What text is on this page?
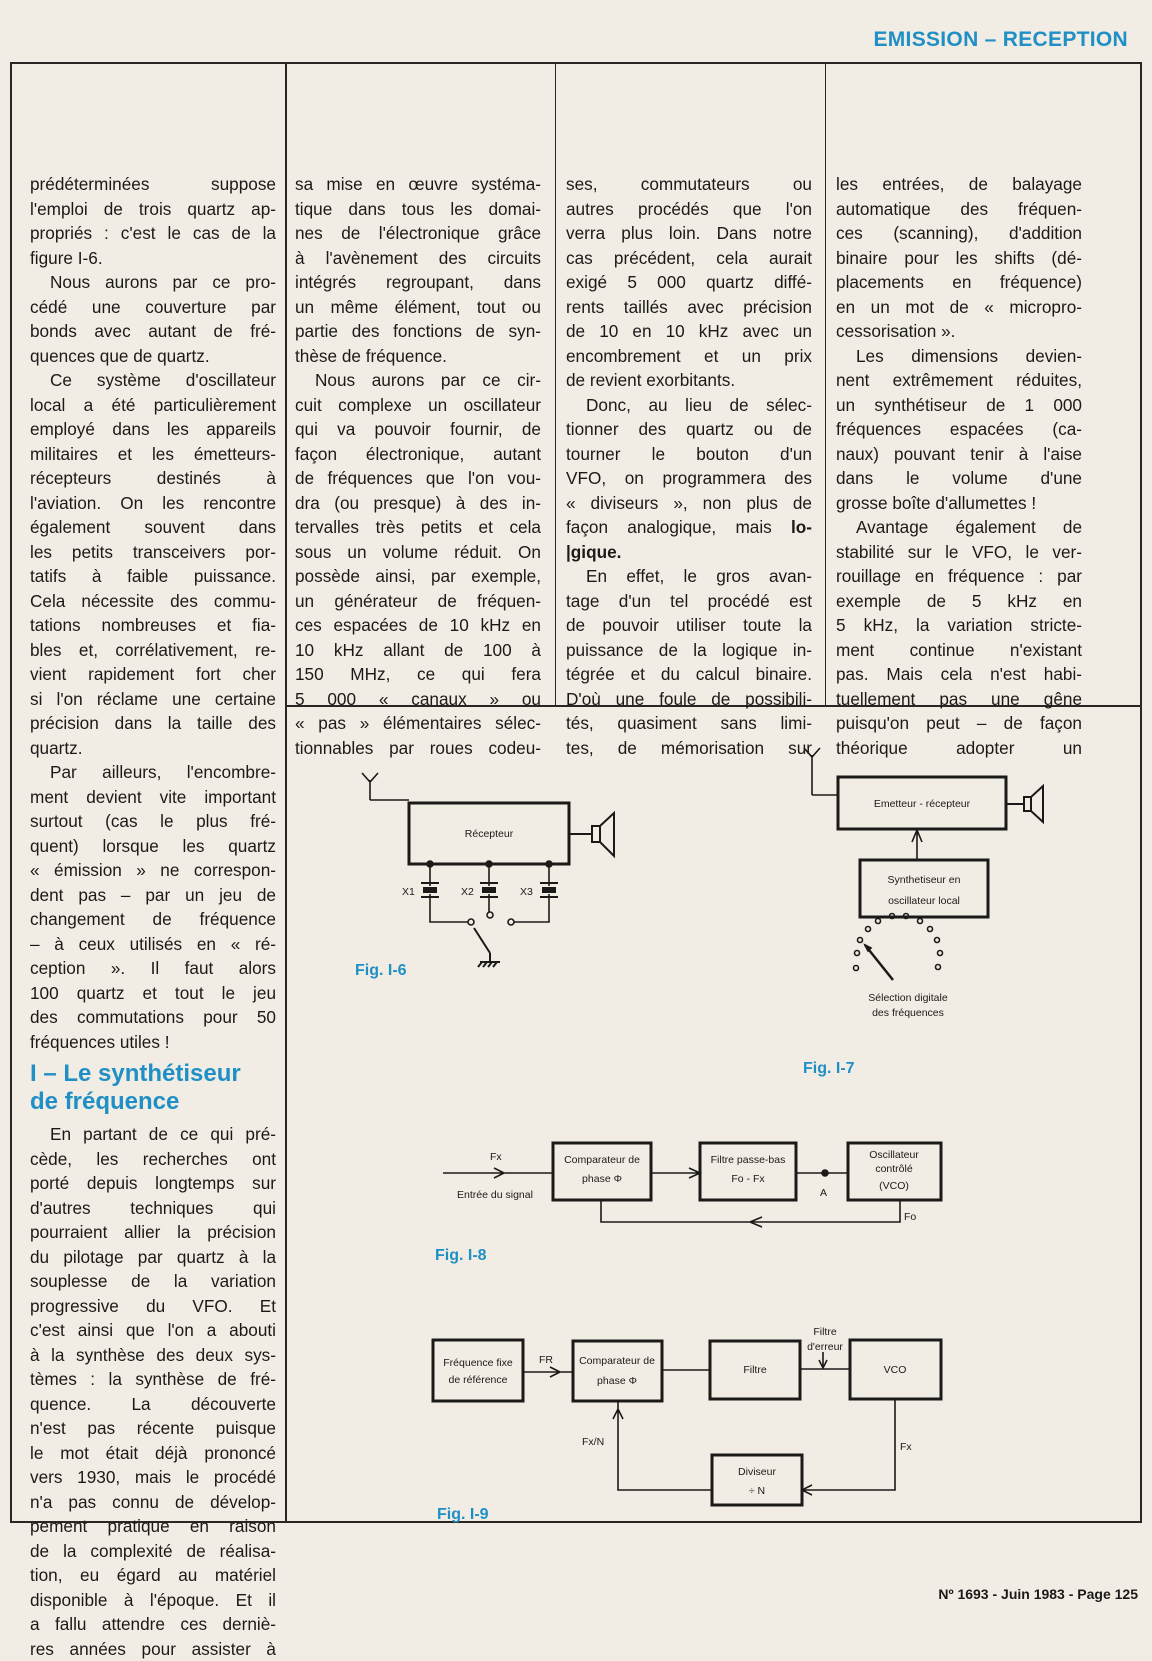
EMISSION – RECEPTION
prédéterminées suppose
l'emploi de trois quartz ap-
propriés : c'est le cas de la
figure I-6.
Nous aurons par ce pro-
cédé une couverture par
bonds avec autant de fré-
quences que de quartz.
Ce système d'oscillateur
local a été particulièrement
employé dans les appareils
militaires et les émetteurs-
récepteurs destinés à
l'aviation. On les rencontre
également souvent dans
les petits transceivers por-
tatifs à faible puissance.
Cela nécessite des commu-
tations nombreuses et fia-
bles et, corrélativement, re-
vient rapidement fort cher
si l'on réclame une certaine
précision dans la taille des
quartz.
Par ailleurs, l'encombre-
ment devient vite important
surtout (cas le plus fré-
quent) lorsque les quartz
« émission » ne correspon-
dent pas – par un jeu de
changement de fréquence
– à ceux utilisés en « ré-
ception ». Il faut alors
100 quartz et tout le jeu
des commutations pour 50
fréquences utiles !
I – Le synthétiseur
de fréquence
En partant de ce qui pré-
cède, les recherches ont
porté depuis longtemps sur
d'autres techniques qui
pourraient allier la précision
du pilotage par quartz à la
souplesse de la variation
progressive du VFO. Et
c'est ainsi que l'on a abouti
à la synthèse des deux sys-
tèmes : la synthèse de fré-
quence. La découverte
n'est pas récente puisque
le mot était déjà prononcé
vers 1930, mais le procédé
n'a pas connu de dévelop-
pement pratique en raison
de la complexité de réalisa-
tion, eu égard au matériel
disponible à l'époque. Et il
a fallu attendre ces derniè-
res années pour assister à
sa mise en œuvre systéma-
tique dans tous les domai-
nes de l'électronique grâce
à l'avènement des circuits
intégrés regroupant, dans
un même élément, tout ou
partie des fonctions de syn-
thèse de fréquence.
Nous aurons par ce cir-
cuit complexe un oscillateur
qui va pouvoir fournir, de
façon électronique, autant
de fréquences que l'on vou-
dra (ou presque) à des in-
tervalles très petits et cela
sous un volume réduit. On
possède ainsi, par exemple,
un générateur de fréquen-
ces espacées de 10 kHz en
10 kHz allant de 100 à
150 MHz, ce qui fera
5 000 « canaux » ou
« pas » élémentaires sélec-
tionnables par roues codeu-
ses, commutateurs ou
autres procédés que l'on
verra plus loin. Dans notre
cas précédent, cela aurait
exigé 5 000 quartz diffé-
rents taillés avec précision
de 10 en 10 kHz avec un
encombrement et un prix
de revient exorbitants.
Donc, au lieu de sélec-
tionner des quartz ou de
tourner le bouton d'un
VFO, on programmera des
« diviseurs », non plus de
façon analogique, mais lo-
|gique.
En effet, le gros avan-
tage d'un tel procédé est
de pouvoir utiliser toute la
puissance de la logique in-
tégrée et du calcul binaire.
D'où une foule de possibili-
tés, quasiment sans limi-
tes, de mémorisation sur
les entrées, de balayage
automatique des fréquen-
ces (scanning), d'addition
binaire pour les shifts (dé-
placements en fréquence)
en un mot de « micropro-
cessorisation ».
Les dimensions devien-
nent extrêmement réduites,
un synthétiseur de 1 000
fréquences espacées (ca-
naux) pouvant tenir à l'aise
dans le volume d'une
grosse boîte d'allumettes !
Avantage également de
stabilité sur le VFO, le ver-
rouillage en fréquence : par
exemple de 5 kHz en
5 kHz, la variation stricte-
ment continue n'existant
pas. Mais cela n'est habi-
tuellement pas une gêne
puisqu'on peut – de façon
théorique adopter un
Récepteur
X1	X2	X3
Emetteur - récepteur
Synthetiseur en
oscillateur local
Sélection digitale
des fréquences
Fx
Entrée du signal
Comparateur de
phase Φ
Filtre passe-bas
Fo - Fx
A
Oscillateur
contrôlé
(VCO)
Fo
Fréquence fixe
de référence
FR Comparateur de
phase Φ
Filtre
Filtre
d'erreur
VCO
Fx
Diviseur
÷ N
Fx/N
Fig. I-6
Fig. I-7
Fig. I-8
Fig. I-9
Nº 1693 - Juin 1983 - Page 125
